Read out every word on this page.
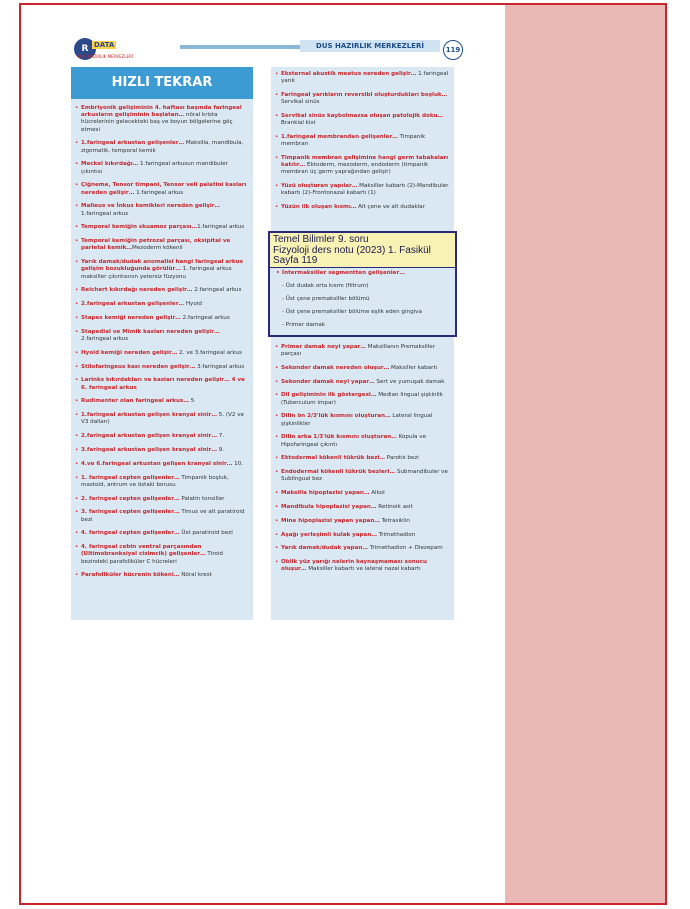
R DATA
DUS HAZIRLIK MERKEZLERİ
DUS HAZIRLIK MERKEZLERİ	119
HIZLI TEKRAR
• Embriyonik gelişiminin 4. haftası başında faringeal arkusların gelişiminin başlatan… nöral krista hücrelerinin gelecekteki baş ve boyun bölgelerine göç etmesi
• 1.faringeal arkustan gelişenler… Maksilla, mandibula, zigomatik, temporal kemik
• Meckel kıkırdağı… 1.faringeal arkusun mandibuler çıkıntısı
• Çiğneme, Tensor timpani, Tensor veli palatini kasları nereden gelişir… 1.faringeal arkus
• Malleus ve İnkus kemikleri nereden gelişir… 1.faringeal arkus
• Temporal kemiğin skuamoz parçası…1.faringeal arkus
• Temporal kemiğin petrozal parçası, oksipital ve parietal kemik…Mezoderm kökenli
• Yarık damak/dudak anomalisi hangi faringeal arkus gelişim bozukluğunda görülür… 1. faringeal arkus maksiller çıkıntısının yetersiz füzyonu
• Reichert kıkırdağı nereden gelişir… 2.faringeal arkus
• 2.faringeal arkustan gelişenler… Hyoid
• Stapes kemiği nereden gelişir… 2.faringeal arkus
• Stapedial ve Mimik kasları nereden gelişir… 2.faringeal arkus
• Hyoid kemiği nereden gelişir… 2. ve 3.faringeal arkus
• Stilofaringeus kası nereden gelişir… 3.faringeal arkus
• Larinks kıkırdakları ve kasları nereden gelişir… 4 ve 6. faringeal arkus
• Rudimenter olan faringeal arkus… 5
• 1.faringeal arkustan gelişen kranyal sinir… 5. (V2 ve V3 dalları)
• 2.faringeal arkustan gelişen kranyal sinir… 7.
• 3.faringeal arkustan gelişen kranyal sinir… 9.
• 4.ve 6.faringeal arkustan gelişen kranyal sinir… 10.
• 1. faringeal cepten gelişenler… Timpanik boşluk, mastoid, antrum ve östaki borusu
• 2. faringeal cepten gelişenler… Palatin tonsiller
• 3. faringeal cepten gelişenler… Timus ve alt paratiroid bezi
• 4. faringeal cepten gelişenler… Üst paratiroid bezi
• 4. faringeal cebin ventral parçasından (Ultimobranksiyal cisimcik) gelişenler… Tiroid bezindeki parafoliküler C hücreleri
• Parafoliküler hücrenin kökeni… Nöral krest
• Eksternal akustik meatus nereden gelişir… 1.faringeal yarık
• Faringeal yarıkların reversibl oluşturdukları boşluk… Servikal sinüs
• Servikal sinüs kaybolmazsa oluşan patolojik doku… Brankial kist
• 1.faringeal membrandan gelişenler… Timpanik membran
• Timpanik membran gelişimine hangi germ tabakaları katılır… Ektoderm, mezoderm, endoderm (timpanik membran üç germ yaprağından gelişir)
• Yüzü oluşturan yapılar… Maksiller kabartı (2)-Mandibuler kabartı (2)-Frontonazal kabartı (1)
• Yüzün ilk oluşan kısmı… Alt çene ve alt dudaklar
• Primer damak neyi yapar… Maksillanın Premaksiller parçası
• Sekonder damak nereden oluşur… Maksiller kabartı
• Sekonder damak neyi yapar… Sert ve yumuşak damak
• Dil gelişiminin ilk göstergesi… Median lingual şişkinlik (Tuberculum impar)
• Dilin ön 2/3'lük kısmını oluşturan… Lateral lingual şişkinlikler
• Dilin arka 1/3'lük kısmını oluşturan… Kopula ve Hipofaringeal çıkıntı
• Ektodermal kökenli tükrük bezi… Parotis bezi
• Endodermal kökenli tükrük bezleri… Submandibuler ve Sublingual bez
• Maksilla hipoplazisi yapan… Alkol
• Mandibula hipoplazisi yapan… Retinoik asit
• Mine hipoplazisi yapan yapan… Tetrasiklin
• Aşağı yerleşimli kulak yapan… Trimethadion
• Yarık damak/dudak yapan… Trimethadion + Diezepam
• Oblik yüz yarığı nelerin kaynaşmaması sonucu oluşur… Maksiller kabartı ve lateral nazal kabartı
Temel Bilimler 9. soru
Fizyoloji ders notu (2023) 1. Fasikül
Sayfa 119
• İntermaksiller segmentten gelişenler…
- Üst dudak orta kısmı (filtrum)
- Üst çene premaksiller bölümü
- Üst çene premaksiller bölüme eşlik eden gingiva
- Primer damak
